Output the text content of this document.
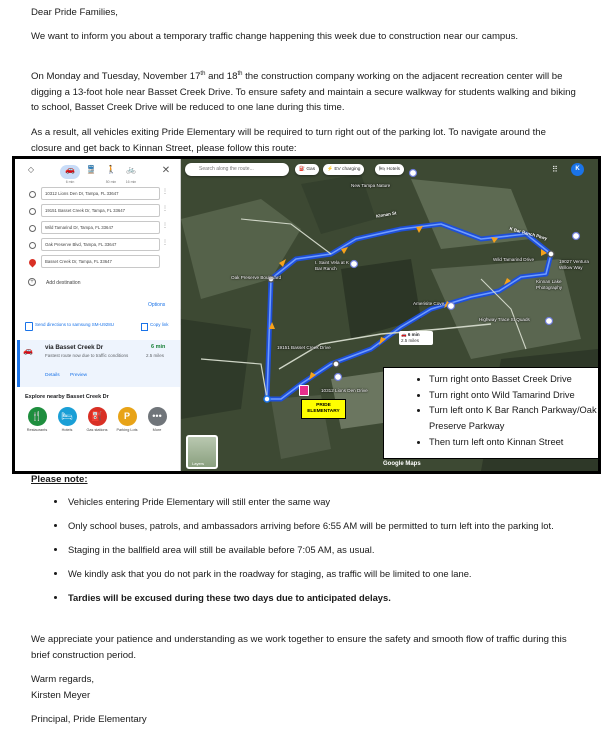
Dear Pride Families,

We want to inform you about a temporary traffic change happening this week due to construction near our campus.

On Monday and Tuesday, November 17th and 18th the construction company working on the adjacent recreation center will be digging a 13-foot hole near Basset Creek Drive. To ensure safety and maintain a secure walkway for students walking and biking to school, Basset Creek Drive will be reduced to one lane during this time.

As a result, all vehicles exiting Pride Elementary will be required to turn right out of the parking lot. To navigate around the closure and get back to Kinnan Street, please follow this route:

◇	🚗
6 min
🚆	🚶
50 min
🚲
16 min
✕
10312 Lions Den Dr, Tampa, FL 33647	⋮
19151 Basset Creek Dr, Tampa, FL 33647	⋮
Wild Tamarind Dr, Tampa, FL 33647	⋮
Oak Preserve Blvd, Tampa, FL 33647	⋮
Basset Creek Dr, Tampa, FL 33647
+	Add destination
Options
Send directions to samsung SM-U928U	Copy link
🚗 via Basset Creek Dr	6 min
Fastest route now due to traffic conditions	2.5 miles
Details Preview
Explore nearby Basset Creek Dr
🍴
Restaurants
🛏
Hotels
⛽
Gas stations
P
Parking Lots
•••
More
Search along the route...	⛽ Gas	⚡ EV charging	🛏 Hotels	⠿	K
New Tampa Nature
I. Saint Vela at K Bar Ranch
Oak Preserve Boulevard
Wild Tamarind Drive	19027 Ventura Willow Way
Kinnan Lake Photography
Amerisite Cove
Highway Trace St Quads
19151 Basset Creek Drive
10312 Lions Den Drive
Kinnan St
K Bar Ranch Pkwy
🚗 6 min
2.5 miles
PRIDE
ELEMENTARY
Layers	Google Maps
• Turn right onto Basset Creek Drive
• Turn right onto Wild Tamarind Drive
• Turn left onto K Bar Ranch Parkway/Oak Preserve Parkway
• Then turn left onto Kinnan Street
Please note:
• Vehicles entering Pride Elementary will still enter the same way
• Only school buses, patrols, and ambassadors arriving before 6:55 AM will be permitted to turn left into the parking lot.
• Staging in the ballfield area will still be available before 7:05 AM, as usual.
• We kindly ask that you do not park in the roadway for staging, as traffic will be limited to one lane.
• Tardies will be excused during these two days due to anticipated delays.

We appreciate your patience and understanding as we work together to ensure the safety and smooth flow of traffic during this brief construction period.

Warm regards,

Kirsten Meyer

Principal, Pride Elementary
